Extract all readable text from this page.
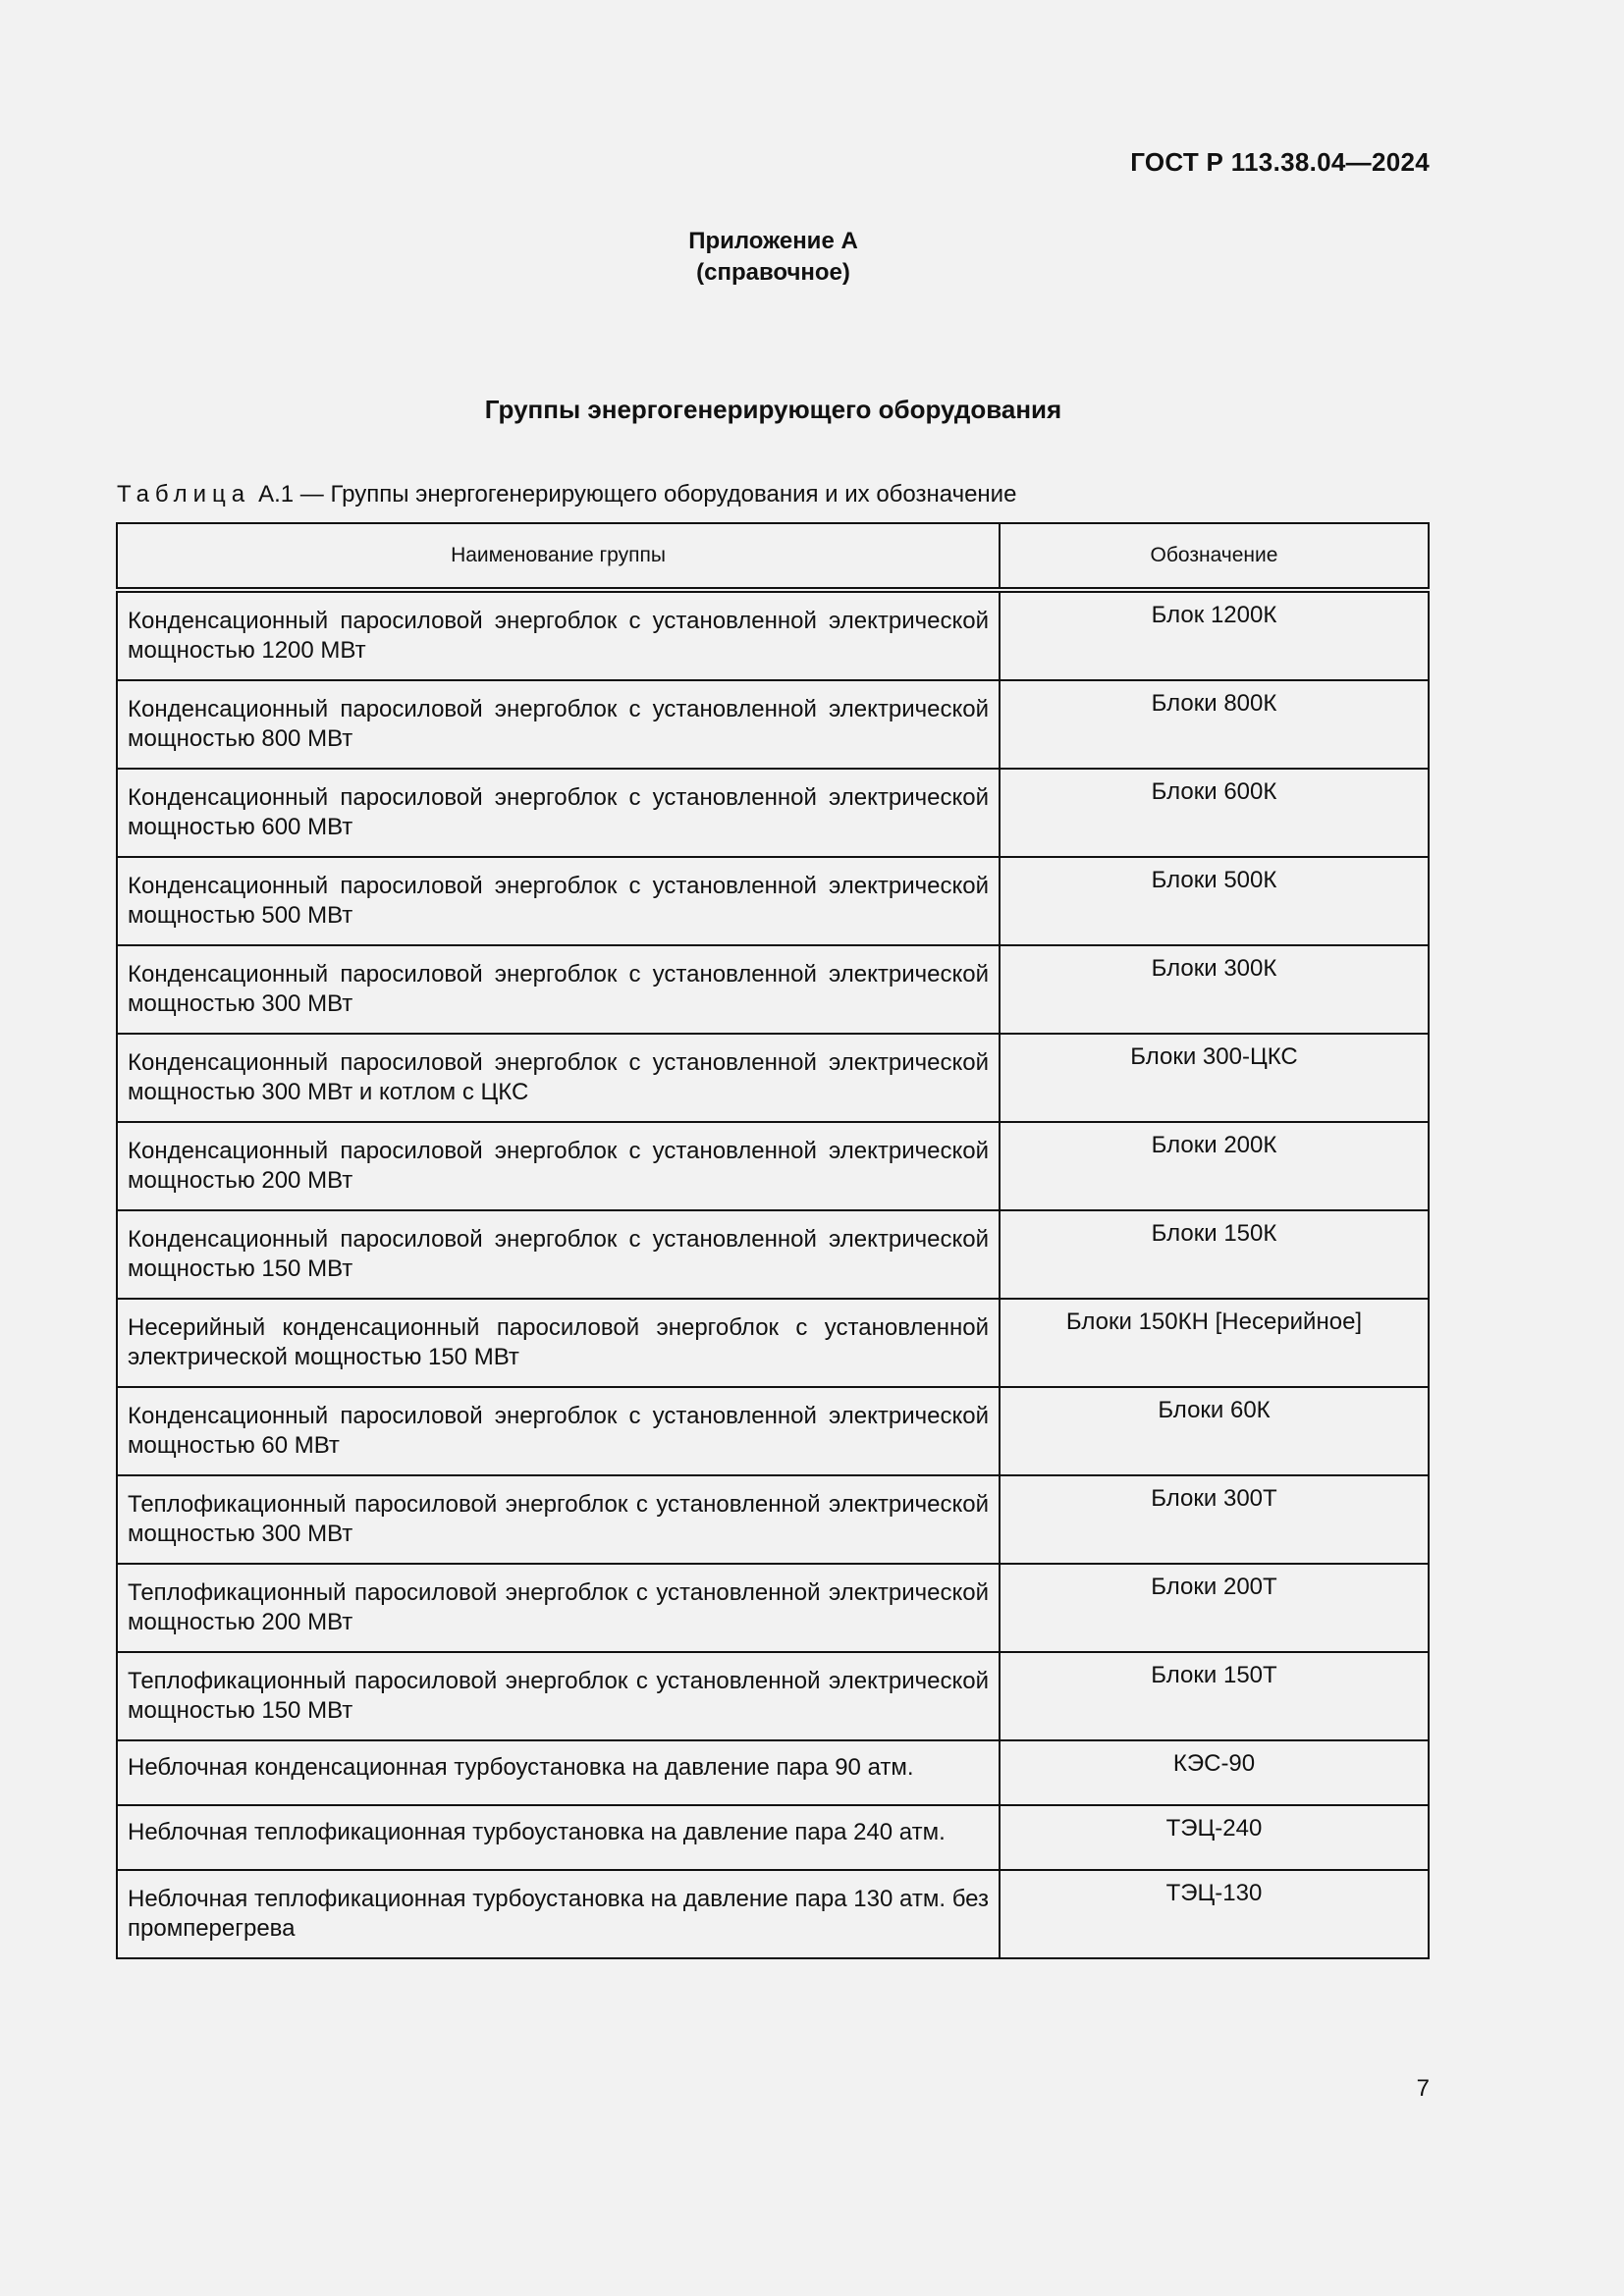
ГОСТ Р 113.38.04—2024
Приложение А
(справочное)
Группы энергогенерирующего оборудования
Таблица А.1 — Группы энергогенерирующего оборудования и их обозначение
Наименование группы	Обозначение
Конденсационный паросиловой энергоблок с установленной электрической мощностью 1200 МВт	Блок 1200К
Конденсационный паросиловой энергоблок с установленной электрической мощностью 800 МВт	Блоки 800К
Конденсационный паросиловой энергоблок с установленной электрической мощностью 600 МВт	Блоки 600К
Конденсационный паросиловой энергоблок с установленной электрической мощностью 500 МВт	Блоки 500К
Конденсационный паросиловой энергоблок с установленной электрической мощностью 300 МВт	Блоки 300К
Конденсационный паросиловой энергоблок с установленной электрической мощностью 300 МВт и котлом с ЦКС	Блоки 300-ЦКС
Конденсационный паросиловой энергоблок с установленной электрической мощностью 200 МВт	Блоки 200К
Конденсационный паросиловой энергоблок с установленной электрической мощностью 150 МВт	Блоки 150К
Несерийный конденсационный паросиловой энергоблок с установленной электрической мощностью 150 МВт	Блоки 150КН [Несерийное]
Конденсационный паросиловой энергоблок с установленной электрической мощностью 60 МВт	Блоки 60К
Теплофикационный паросиловой энергоблок с установленной электрической мощностью 300 МВт	Блоки 300Т
Теплофикационный паросиловой энергоблок с установленной электрической мощностью 200 МВт	Блоки 200Т
Теплофикационный паросиловой энергоблок с установленной электрической мощностью 150 МВт	Блоки 150Т
Неблочная конденсационная турбоустановка на давление пара 90 атм.	КЭС-90
Неблочная теплофикационная турбоустановка на давление пара 240 атм.	ТЭЦ-240
Неблочная теплофикационная турбоустановка на давление пара 130 атм. без промперегрева	ТЭЦ-130
7
